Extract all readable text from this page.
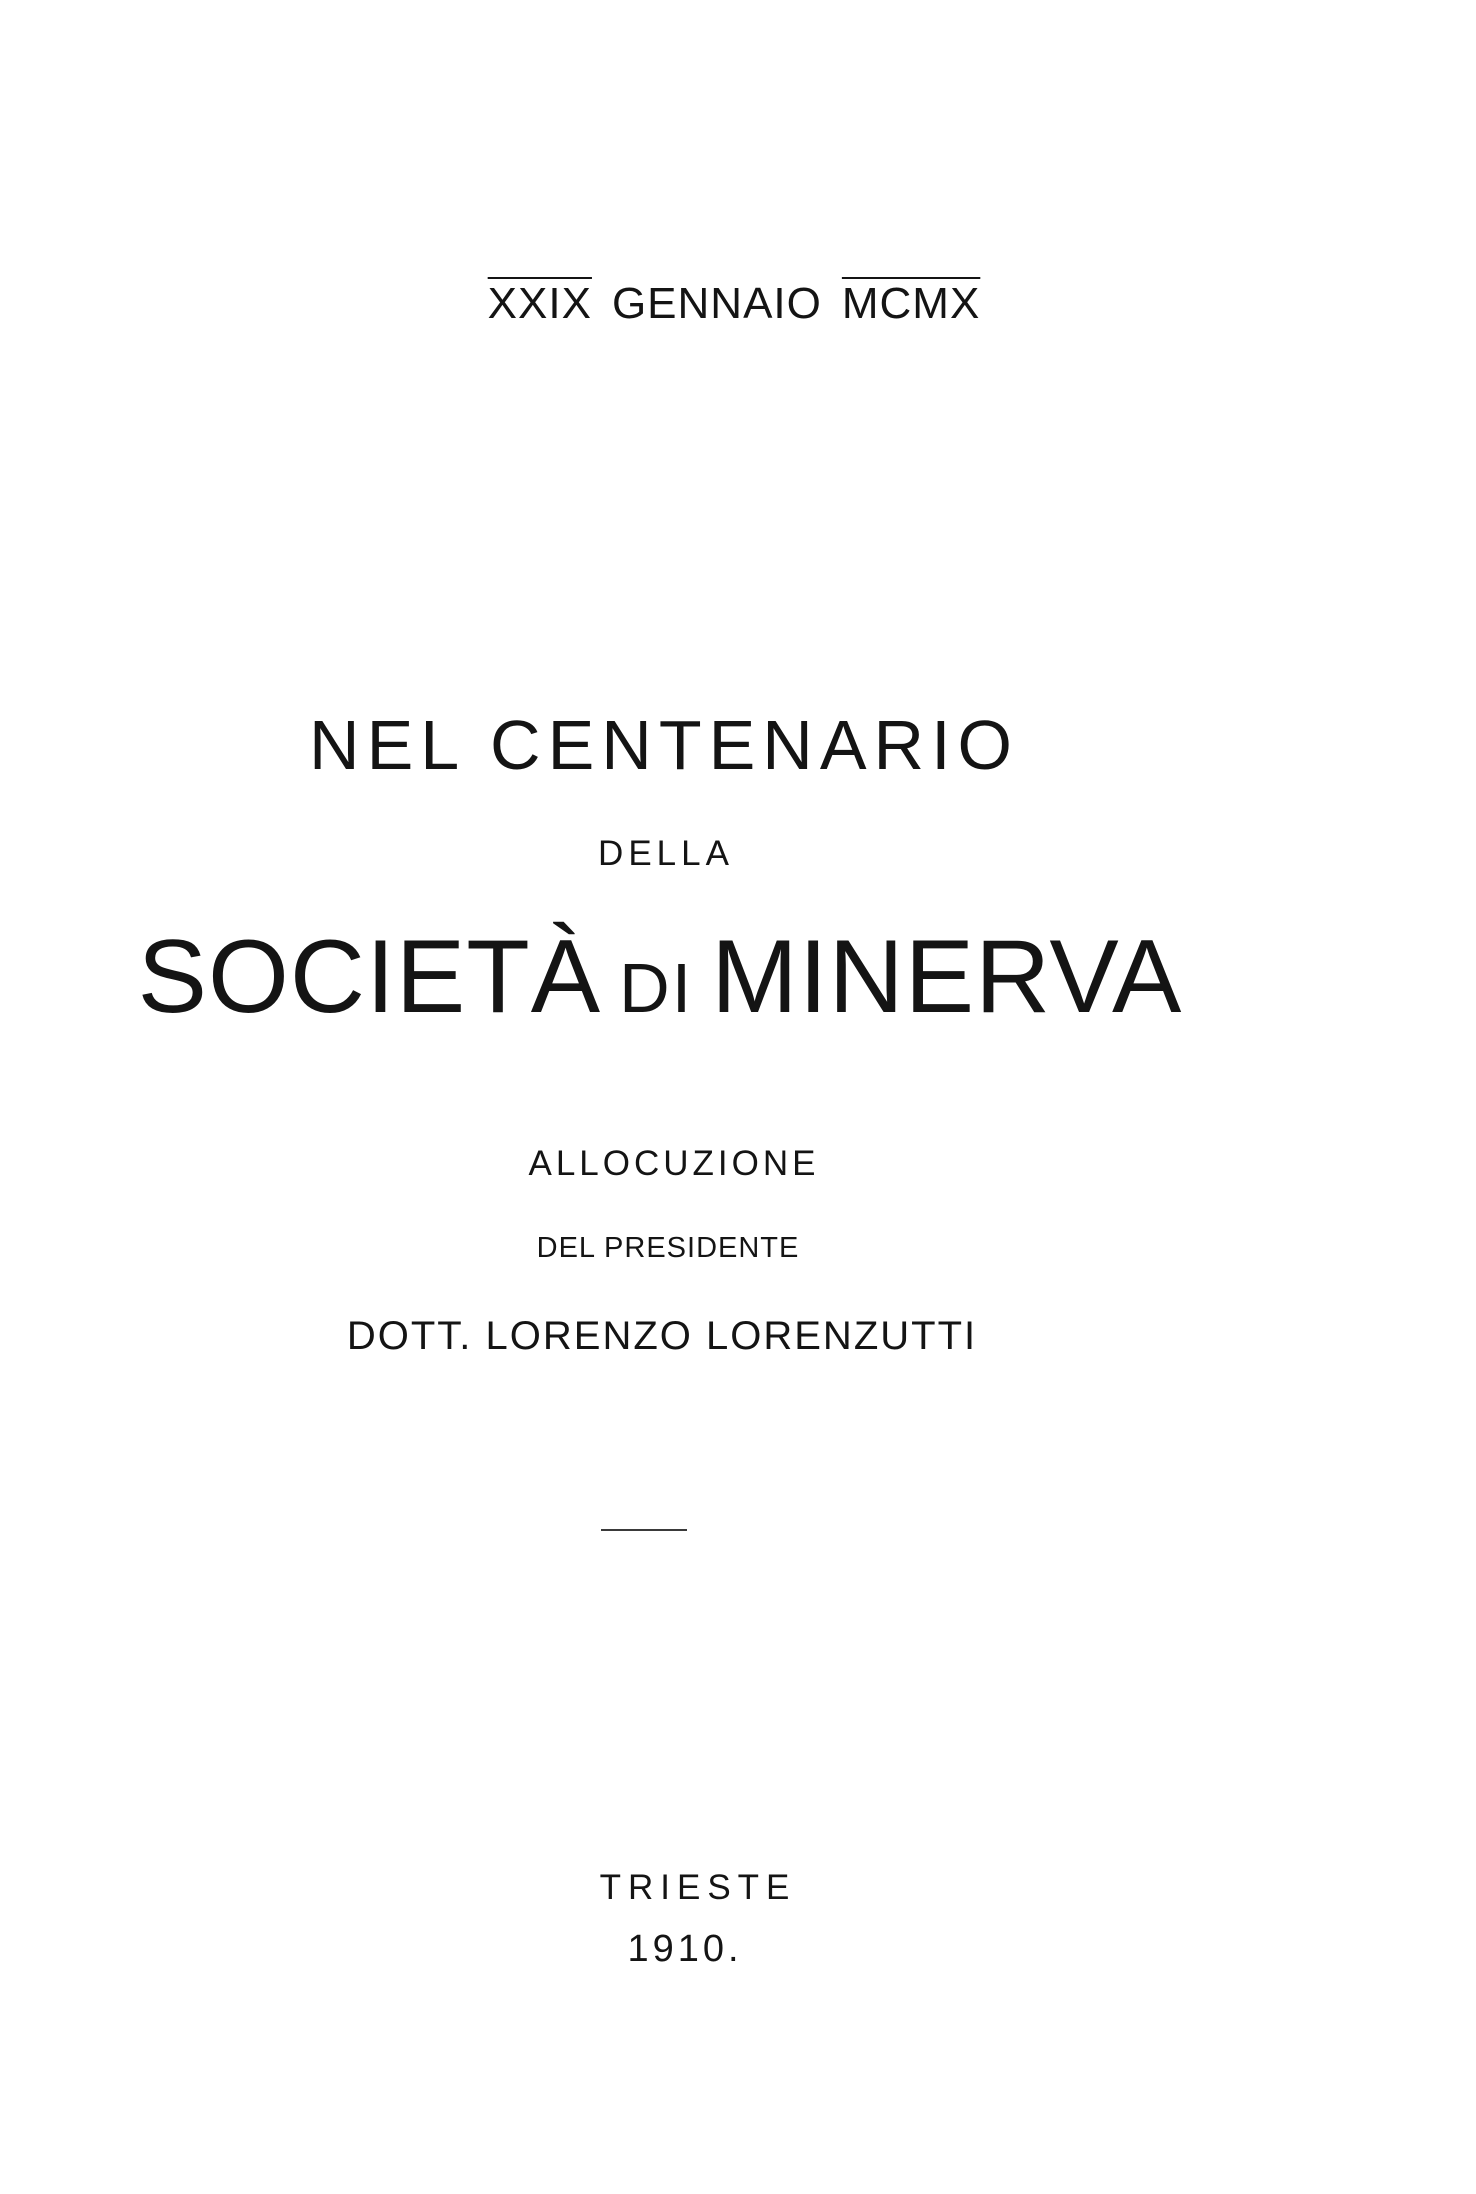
XXIX GENNAIO MCMX
NEL CENTENARIO
DELLA
SOCIETÀ DI MINERVA
ALLOCUZIONE
DEL PRESIDENTE
DOTT. LORENZO LORENZUTTI
TRIESTE
1910.
